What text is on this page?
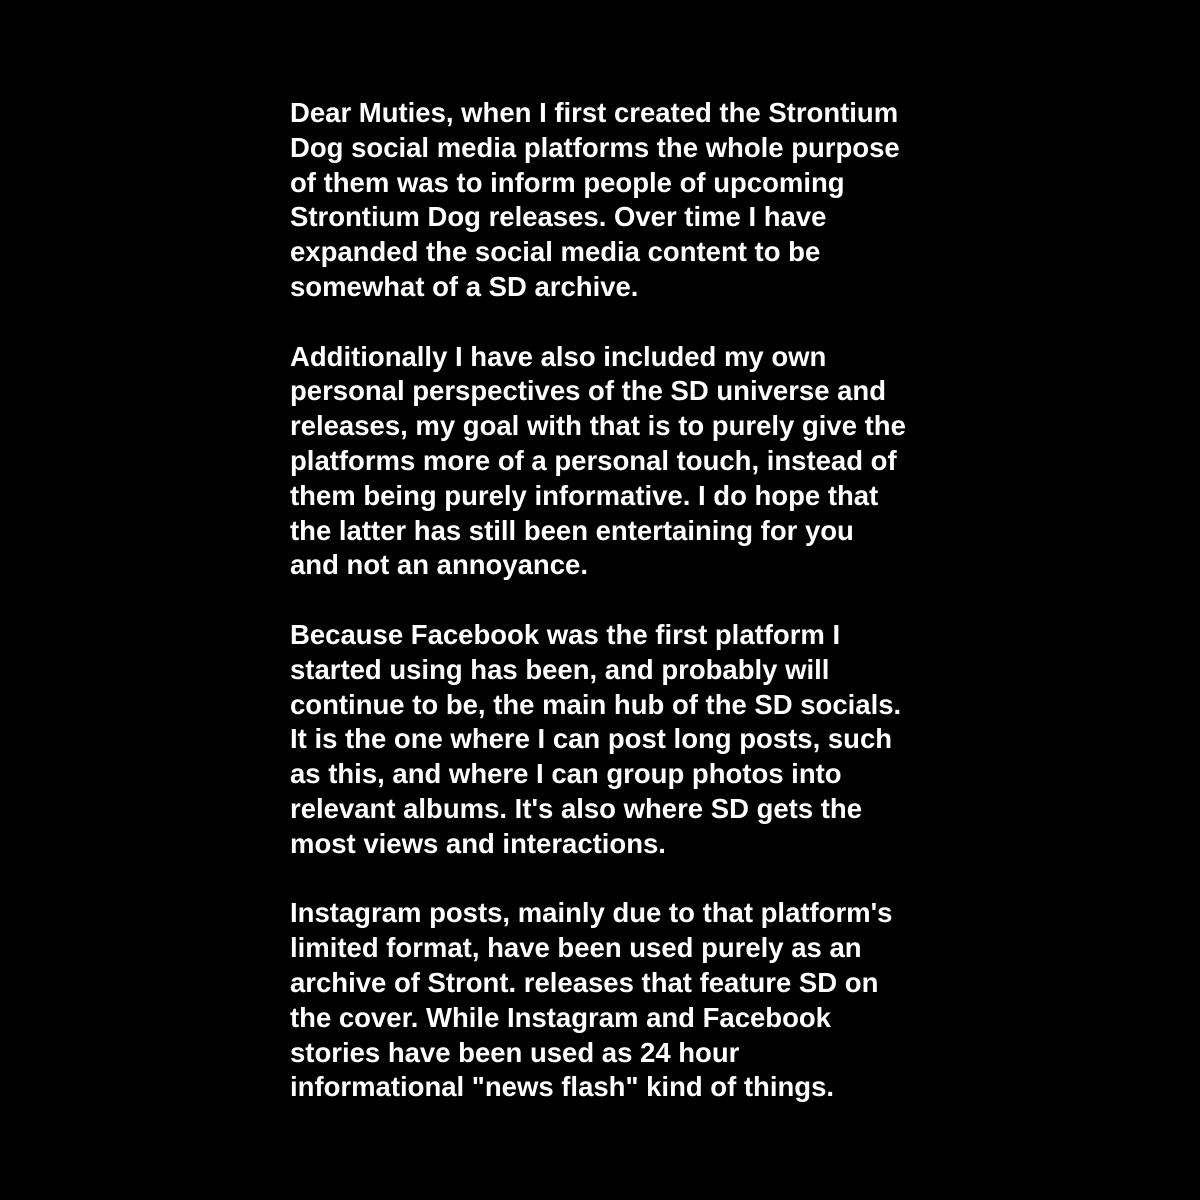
Dear Muties, when I first created the Strontium
Dog social media platforms the whole purpose
of them was to inform people of upcoming
Strontium Dog releases. Over time I have
expanded the social media content to be
somewhat of a SD archive.

Additionally I have also included my own
personal perspectives of the SD universe and
releases, my goal with that is to purely give the
platforms more of a personal touch, instead of
them being purely informative. I do hope that
the latter has still been entertaining for you
and not an annoyance.

Because Facebook was the first platform I
started using has been, and probably will
continue to be, the main hub of the SD socials.
It is the one where I can post long posts, such
as this, and where I can group photos into
relevant albums. It's also where SD gets the
most views and interactions.

Instagram posts, mainly due to that platform's
limited format, have been used purely as an
archive of Stront. releases that feature SD on
the cover. While Instagram and Facebook
stories have been used as 24 hour
informational "news flash" kind of things.
